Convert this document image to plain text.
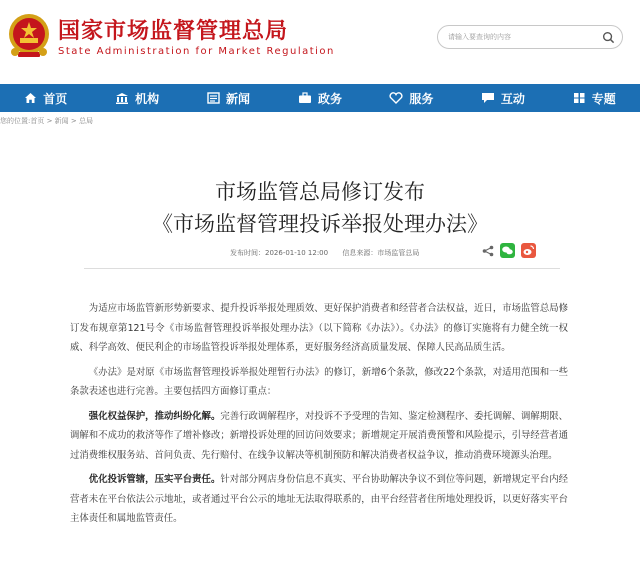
国家市场监督管理总局
State Administration for Market Regulation
请输入要查询的内容
首页	机构	新闻	政务	服务	互动	专题
您的位置:首页 > 新闻 > 总局
市场监管总局修订发布
《市场监督管理投诉举报处理办法》
发布时间：2026-01-10 12:00 信息来源：市场监管总局

为适应市场监管新形势新要求、提升投诉举报处理质效、更好保护消费者和经营者合法权益，近日，市场监管总局修订发布规章第121号令《市场监督管理投诉举报处理办法》（以下简称《办法》）。《办法》的修订实施将有力健全统一权威、科学高效、便民利企的市场监管投诉举报处理体系，更好服务经济高质量发展、保障人民高品质生活。

《办法》是对原《市场监督管理投诉举报处理暂行办法》的修订，新增6个条款，修改22个条款，对适用范围和一些条款表述也进行完善。主要包括四方面修订重点：

强化权益保护，推动纠纷化解。完善行政调解程序，对投诉不予受理的告知、鉴定检测程序、委托调解、调解期限、调解和不成功的救济等作了增补修改；新增投诉处理的回访问效要求；新增规定开展消费预警和风险提示，引导经营者通过消费维权服务站、首问负责、先行赔付、在线争议解决等机制预防和解决消费者权益争议，推动消费环境源头治理。

优化投诉管辖，压实平台责任。针对部分网店身份信息不真实、平台协助解决争议不到位等问题，新增规定平台内经营者未在平台依法公示地址，或者通过平台公示的地址无法取得联系的，由平台经营者住所地处理投诉，以更好落实平台主体责任和属地监管责任。
